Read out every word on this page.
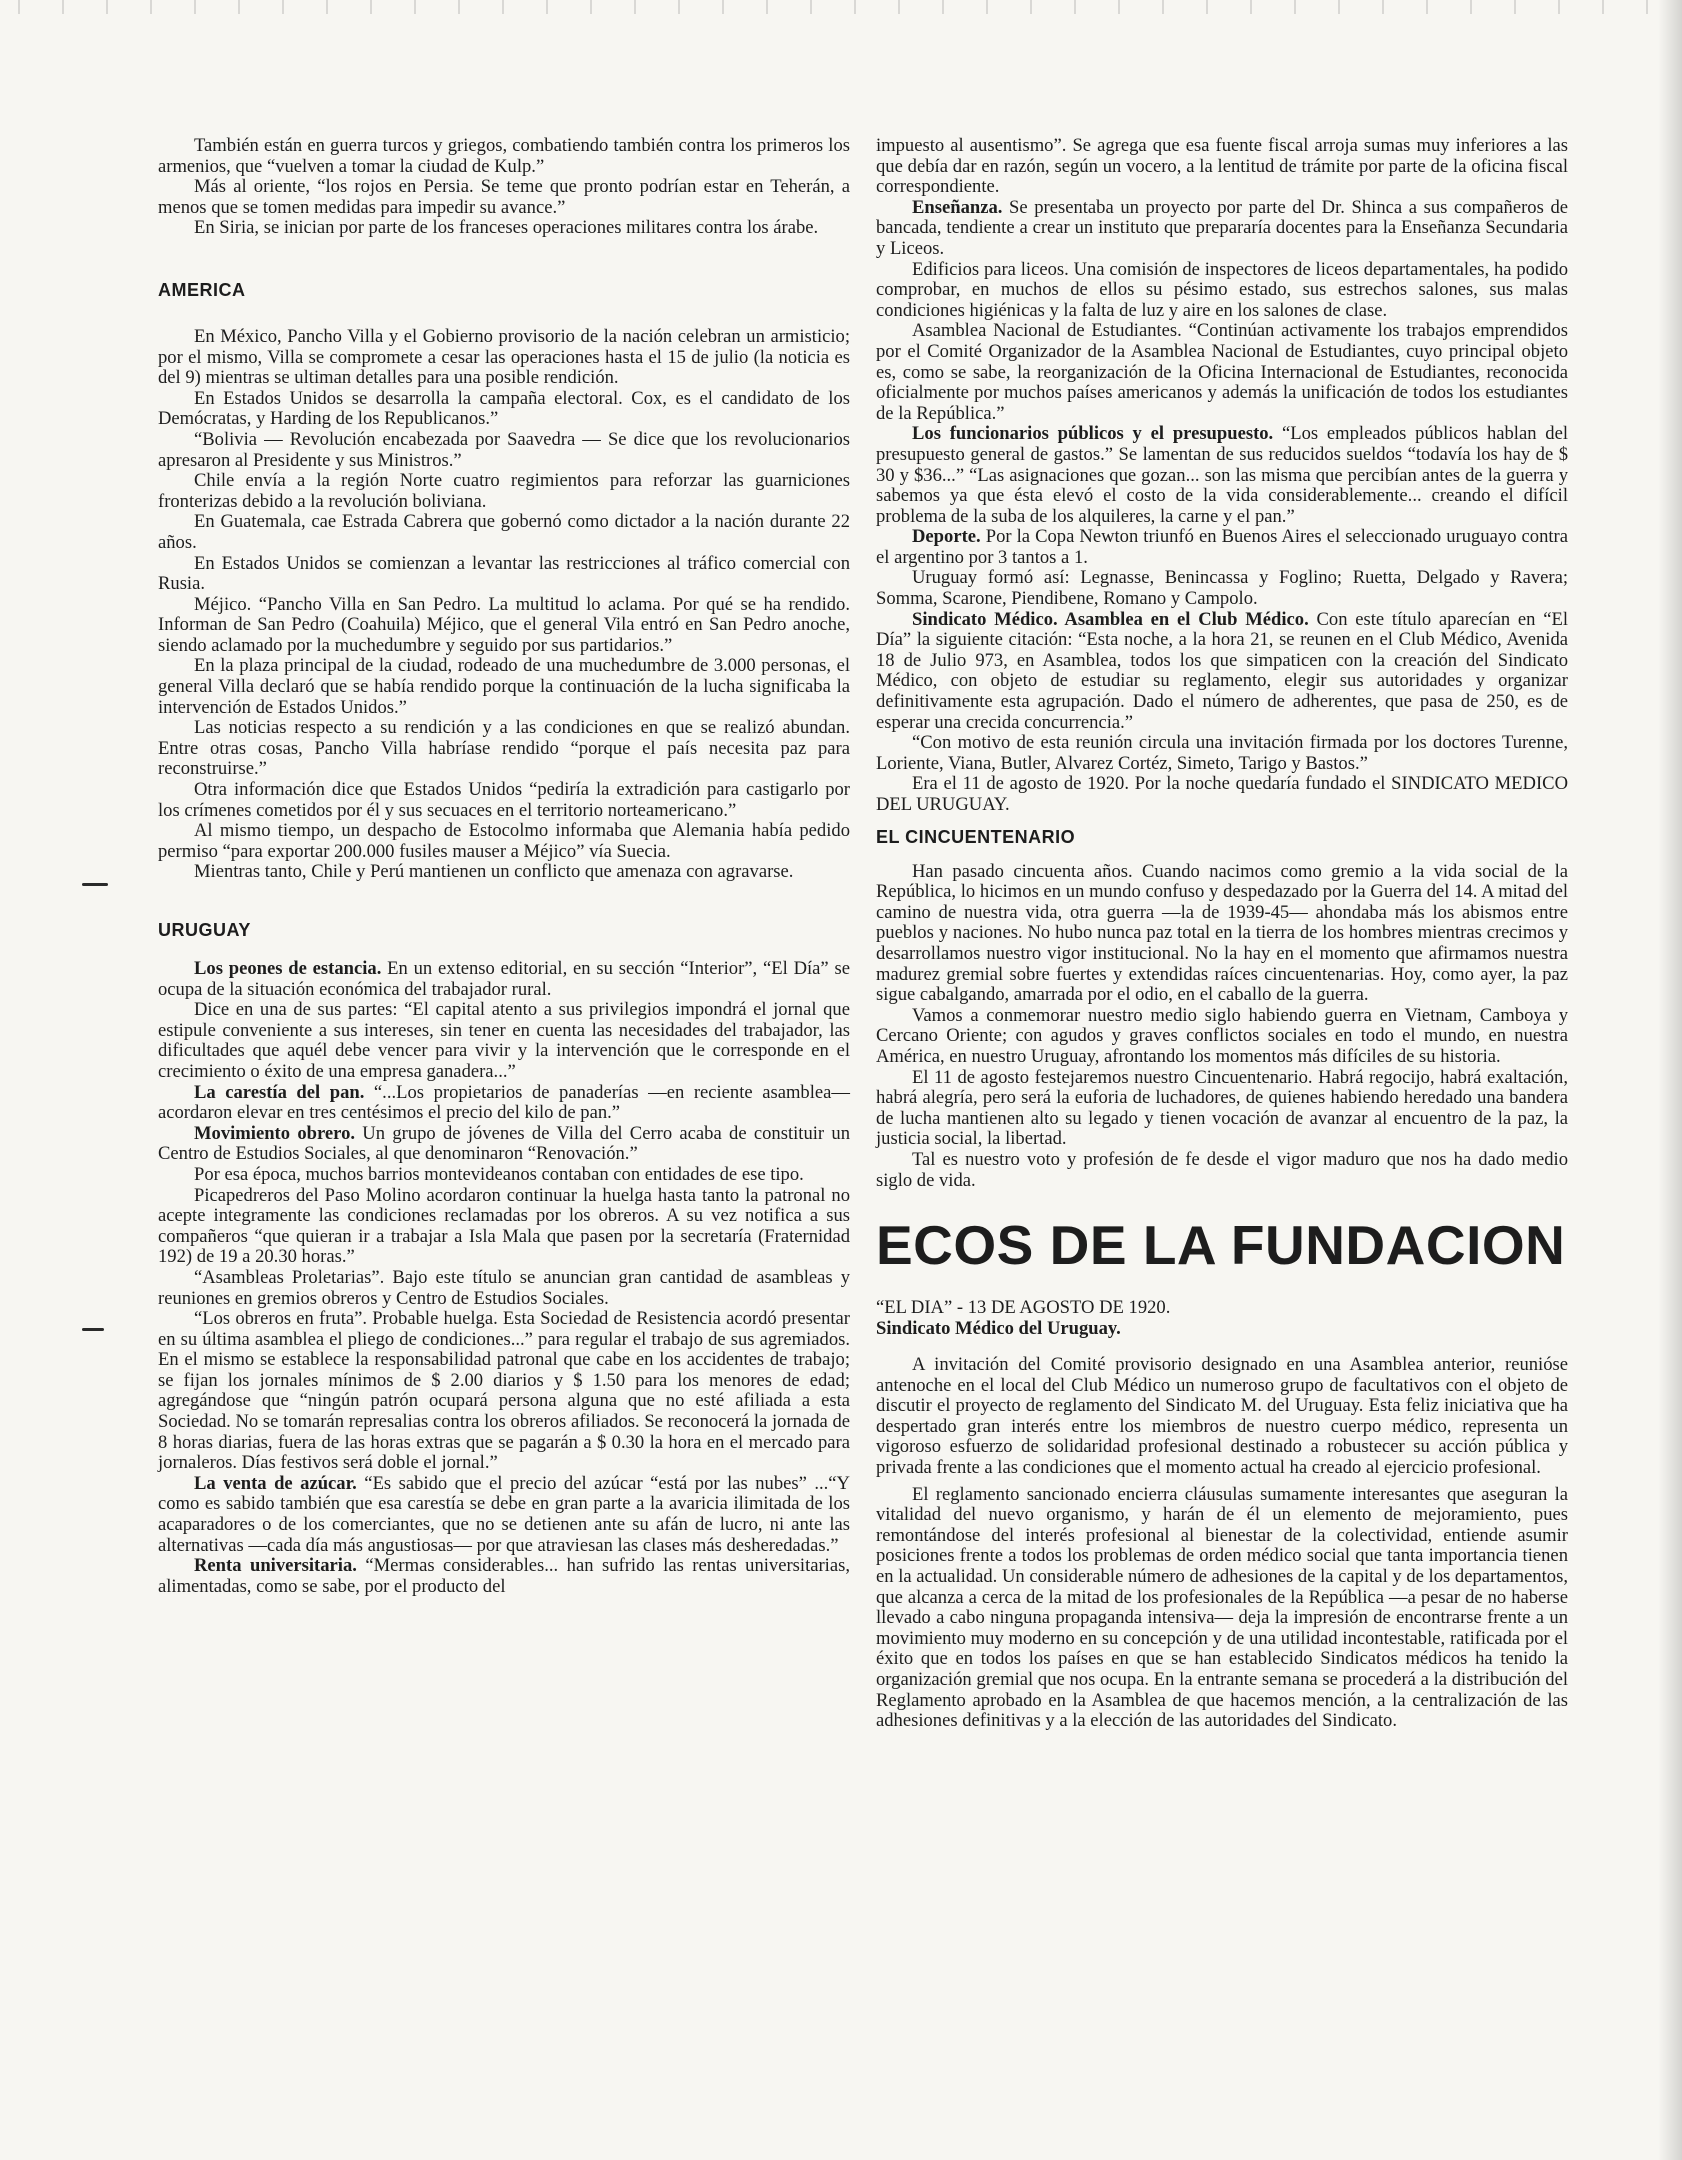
También están en guerra turcos y griegos, combatiendo también contra los primeros los armenios, que “vuelven a tomar la ciudad de Kulp.”

Más al oriente, “los rojos en Persia. Se teme que pronto podrían estar en Teherán, a menos que se tomen medidas para impedir su avance.”

En Siria, se inician por parte de los franceses operaciones militares contra los árabe.

AMERICA

En México, Pancho Villa y el Gobierno provisorio de la nación celebran un armisticio; por el mismo, Villa se compromete a cesar las operaciones hasta el 15 de julio (la noticia es del 9) mientras se ultiman detalles para una posible rendición.

En Estados Unidos se desarrolla la campaña electoral. Cox, es el candidato de los Demócratas, y Harding de los Republicanos.”

“Bolivia — Revolución encabezada por Saavedra — Se dice que los revolucionarios apresaron al Presidente y sus Ministros.”

Chile envía a la región Norte cuatro regimientos para reforzar las guarniciones fronterizas debido a la revolución boliviana.

En Guatemala, cae Estrada Cabrera que gobernó como dictador a la nación durante 22 años.

En Estados Unidos se comienzan a levantar las restricciones al tráfico comercial con Rusia.

Méjico. “Pancho Villa en San Pedro. La multitud lo aclama. Por qué se ha rendido. Informan de San Pedro (Coahuila) Méjico, que el general Vila entró en San Pedro anoche, siendo aclamado por la muchedumbre y seguido por sus partidarios.”

En la plaza principal de la ciudad, rodeado de una muchedumbre de 3.000 personas, el general Villa declaró que se había rendido porque la continuación de la lucha significaba la intervención de Estados Unidos.”

Las noticias respecto a su rendición y a las condiciones en que se realizó abundan. Entre otras cosas, Pancho Villa habríase rendido “porque el país necesita paz para reconstruirse.”

Otra información dice que Estados Unidos “pediría la extradición para castigarlo por los crímenes cometidos por él y sus secuaces en el territorio norteamericano.”

Al mismo tiempo, un despacho de Estocolmo informaba que Alemania había pedido permiso “para exportar 200.000 fusiles mauser a Méjico” vía Suecia.

Mientras tanto, Chile y Perú mantienen un conflicto que amenaza con agravarse.

URUGUAY

Los peones de estancia. En un extenso editorial, en su sección “Interior”, “El Día” se ocupa de la situación económica del trabajador rural.

Dice en una de sus partes: “El capital atento a sus privilegios impondrá el jornal que estipule conveniente a sus intereses, sin tener en cuenta las necesidades del trabajador, las dificultades que aquél debe vencer para vivir y la intervención que le corresponde en el crecimiento o éxito de una empresa ganadera...”

La carestía del pan. “...Los propietarios de panaderías —en reciente asamblea— acordaron elevar en tres centésimos el precio del kilo de pan.”

Movimiento obrero. Un grupo de jóvenes de Villa del Cerro acaba de constituir un Centro de Estudios Sociales, al que denominaron “Renovación.”

Por esa época, muchos barrios montevideanos contaban con entidades de ese tipo.

Picapedreros del Paso Molino acordaron continuar la huelga hasta tanto la patronal no acepte integramente las condiciones reclamadas por los obreros. A su vez notifica a sus compañeros “que quieran ir a trabajar a Isla Mala que pasen por la secretaría (Fraternidad 192) de 19 a 20.30 horas.”

“Asambleas Proletarias”. Bajo este título se anuncian gran cantidad de asambleas y reuniones en gremios obreros y Centro de Estudios Sociales.

“Los obreros en fruta”. Probable huelga. Esta Sociedad de Resistencia acordó presentar en su última asamblea el pliego de condiciones...” para regular el trabajo de sus agremiados. En el mismo se establece la responsabilidad patronal que cabe en los accidentes de trabajo; se fijan los jornales mínimos de $ 2.00 diarios y $ 1.50 para los menores de edad; agregándose que “ningún patrón ocupará persona alguna que no esté afiliada a esta Sociedad. No se tomarán represalias contra los obreros afiliados. Se reconocerá la jornada de 8 horas diarias, fuera de las horas extras que se pagarán a $ 0.30 la hora en el mercado para jornaleros. Días festivos será doble el jornal.”

La venta de azúcar. “Es sabido que el precio del azúcar “está por las nubes” ...“Y como es sabido también que esa carestía se debe en gran parte a la avaricia ilimitada de los acaparadores o de los comerciantes, que no se detienen ante su afán de lucro, ni ante las alternativas —cada día más angustiosas— por que atraviesan las clases más desheredadas.”

Renta universitaria. “Mermas considerables... han sufrido las rentas universitarias, alimentadas, como se sabe, por el producto del

impuesto al ausentismo”. Se agrega que esa fuente fiscal arroja sumas muy inferiores a las que debía dar en razón, según un vocero, a la lentitud de trámite por parte de la oficina fiscal correspondiente.

Enseñanza. Se presentaba un proyecto por parte del Dr. Shinca a sus compañeros de bancada, tendiente a crear un instituto que prepararía docentes para la Enseñanza Secundaria y Liceos.

Edificios para liceos. Una comisión de inspectores de liceos departamentales, ha podido comprobar, en muchos de ellos su pésimo estado, sus estrechos salones, sus malas condiciones higiénicas y la falta de luz y aire en los salones de clase.

Asamblea Nacional de Estudiantes. “Continúan activamente los trabajos emprendidos por el Comité Organizador de la Asamblea Nacional de Estudiantes, cuyo principal objeto es, como se sabe, la reorganización de la Oficina Internacional de Estudiantes, reconocida oficialmente por muchos países americanos y además la unificación de todos los estudiantes de la República.”

Los funcionarios públicos y el presupuesto. “Los empleados públicos hablan del presupuesto general de gastos.” Se lamentan de sus reducidos sueldos “todavía los hay de $ 30 y $36...” “Las asignaciones que gozan... son las misma que percibían antes de la guerra y sabemos ya que ésta elevó el costo de la vida considerablemente... creando el difícil problema de la suba de los alquileres, la carne y el pan.”

Deporte. Por la Copa Newton triunfó en Buenos Aires el seleccionado uruguayo contra el argentino por 3 tantos a 1.

Uruguay formó así: Legnasse, Benincassa y Foglino; Ruetta, Delgado y Ravera; Somma, Scarone, Piendibene, Romano y Campolo.

Sindicato Médico. Asamblea en el Club Médico. Con este título aparecían en “El Día” la siguiente citación: “Esta noche, a la hora 21, se reunen en el Club Médico, Avenida 18 de Julio 973, en Asamblea, todos los que simpaticen con la creación del Sindicato Médico, con objeto de estudiar su reglamento, elegir sus autoridades y organizar definitivamente esta agrupación. Dado el número de adherentes, que pasa de 250, es de esperar una crecida concurrencia.”

“Con motivo de esta reunión circula una invitación firmada por los doctores Turenne, Loriente, Viana, Butler, Alvarez Cortéz, Simeto, Tarigo y Bastos.”

Era el 11 de agosto de 1920. Por la noche quedaría fundado el SINDICATO MEDICO DEL URUGUAY.

EL CINCUENTENARIO

Han pasado cincuenta años. Cuando nacimos como gremio a la vida social de la República, lo hicimos en un mundo confuso y despedazado por la Guerra del 14. A mitad del camino de nuestra vida, otra guerra —la de 1939-45— ahondaba más los abismos entre pueblos y naciones. No hubo nunca paz total en la tierra de los hombres mientras crecimos y desarrollamos nuestro vigor institucional. No la hay en el momento que afirmamos nuestra madurez gremial sobre fuertes y extendidas raíces cincuentenarias. Hoy, como ayer, la paz sigue cabalgando, amarrada por el odio, en el caballo de la guerra.

Vamos a conmemorar nuestro medio siglo habiendo guerra en Vietnam, Camboya y Cercano Oriente; con agudos y graves conflictos sociales en todo el mundo, en nuestra América, en nuestro Uruguay, afrontando los momentos más difíciles de su historia.

El 11 de agosto festejaremos nuestro Cincuentenario. Habrá regocijo, habrá exaltación, habrá alegría, pero será la euforia de luchadores, de quienes habiendo heredado una bandera de lucha mantienen alto su legado y tienen vocación de avanzar al encuentro de la paz, la justicia social, la libertad.

Tal es nuestro voto y profesión de fe desde el vigor maduro que nos ha dado medio siglo de vida.

ECOS DE LA FUNDACION
“EL DIA” - 13 DE AGOSTO DE 1920.
Sindicato Médico del Uruguay.

A invitación del Comité provisorio designado en una Asamblea anterior, reunióse antenoche en el local del Club Médico un numeroso grupo de facultativos con el objeto de discutir el proyecto de reglamento del Sindicato M. del Uruguay. Esta feliz iniciativa que ha despertado gran interés entre los miembros de nuestro cuerpo médico, representa un vigoroso esfuerzo de solidaridad profesional destinado a robustecer su acción pública y privada frente a las condiciones que el momento actual ha creado al ejercicio profesional.

El reglamento sancionado encierra cláusulas sumamente interesantes que aseguran la vitalidad del nuevo organismo, y harán de él un elemento de mejoramiento, pues remontándose del interés profesional al bienestar de la colectividad, entiende asumir posiciones frente a todos los problemas de orden médico social que tanta importancia tienen en la actualidad. Un considerable número de adhesiones de la capital y de los departamentos, que alcanza a cerca de la mitad de los profesionales de la República —a pesar de no haberse llevado a cabo ninguna propaganda intensiva— deja la impresión de encontrarse frente a un movimiento muy moderno en su concepción y de una utilidad incontestable, ratificada por el éxito que en todos los países en que se han establecido Sindicatos médicos ha tenido la organización gremial que nos ocupa. En la entrante semana se procederá a la distribución del Reglamento aprobado en la Asamblea de que hacemos mención, a la centralización de las adhesiones definitivas y a la elección de las autoridades del Sindicato.
